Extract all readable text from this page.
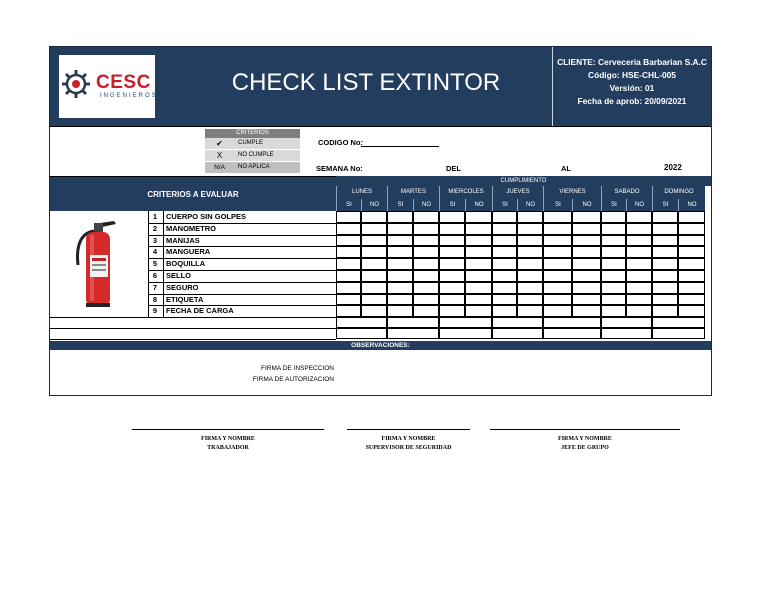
CESC
INGENIEROS	CHECK LIST EXTINTOR
CLIENTE: Cerveceria Barbarian S.A.C
Código: HSE-CHL-005
Versión: 01
Fecha de aprob: 20/09/2021
CRITERIOS
✔	CUMPLE
X	NO CUMPLE
N/A	NO APLICA
CODIGO No:
SEMANA No:	DEL	AL	2022
CRITERIOS A EVALUAR
CUMPLIMIENTO
LUNES
SI	NO
MARTES
SI	NO
MIERCOLES
SI	NO
JUEVES
SI	NO
VIERNES
SI	NO
SABADO
SI	NO
DOMINGO
SI	NO
1	CUERPO SIN GOLPES
2	MANOMETRO
3	MANIJAS
4	MANGUERA
5	BOQUILLA
6	SELLO
7	SEGURO
8	ETIQUETA
9	FECHA DE CARGA
FIRMA DE INSPECCION
FIRMA DE AUTORIZACION
OBSERVACIONES:
FIRMA Y NOMBRE
TRABAJADOR
FIRMA Y NOMBRE
SUPERVISOR DE SEGURIDAD
FIRMA Y NOMBRE
JEFE DE GRUPO
